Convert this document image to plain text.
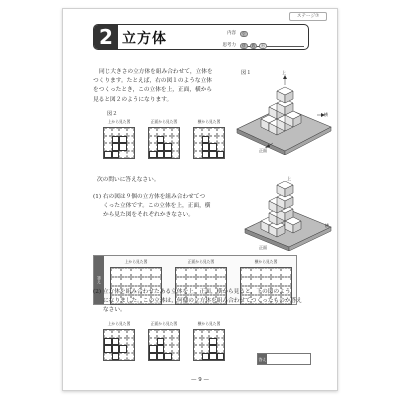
ステージ⑦
2 立方体	内容	空
思考力	情	数	形
同じ大きさの立方体を組み合わせて，立体を
つくります。たとえば，右の図１のような立体
をつくったとき，この立体を上，正面，横から
見ると図２のようになります。
図１	上
横
正面
図２
上から見た図	正面から見た図	横から見た図
次の問いに答えなさい。
(1) 右の図は９個の立方体を組み合わせてつ
くった立体です。この立体を上，正面，横
から見た図をそれぞれかきなさい。
上
横
正面
答え
上から見た図	正面から見た図	横から見た図
(2) 立方体を組み合わせたある立体を上，正面，横から見ると，下の図のよう
になりました。この立体は，何個の立方体を組み合わせてつくったものか答え
なさい。
上から見た図	正面から見た図	横から見た図
答え
— 9 —
